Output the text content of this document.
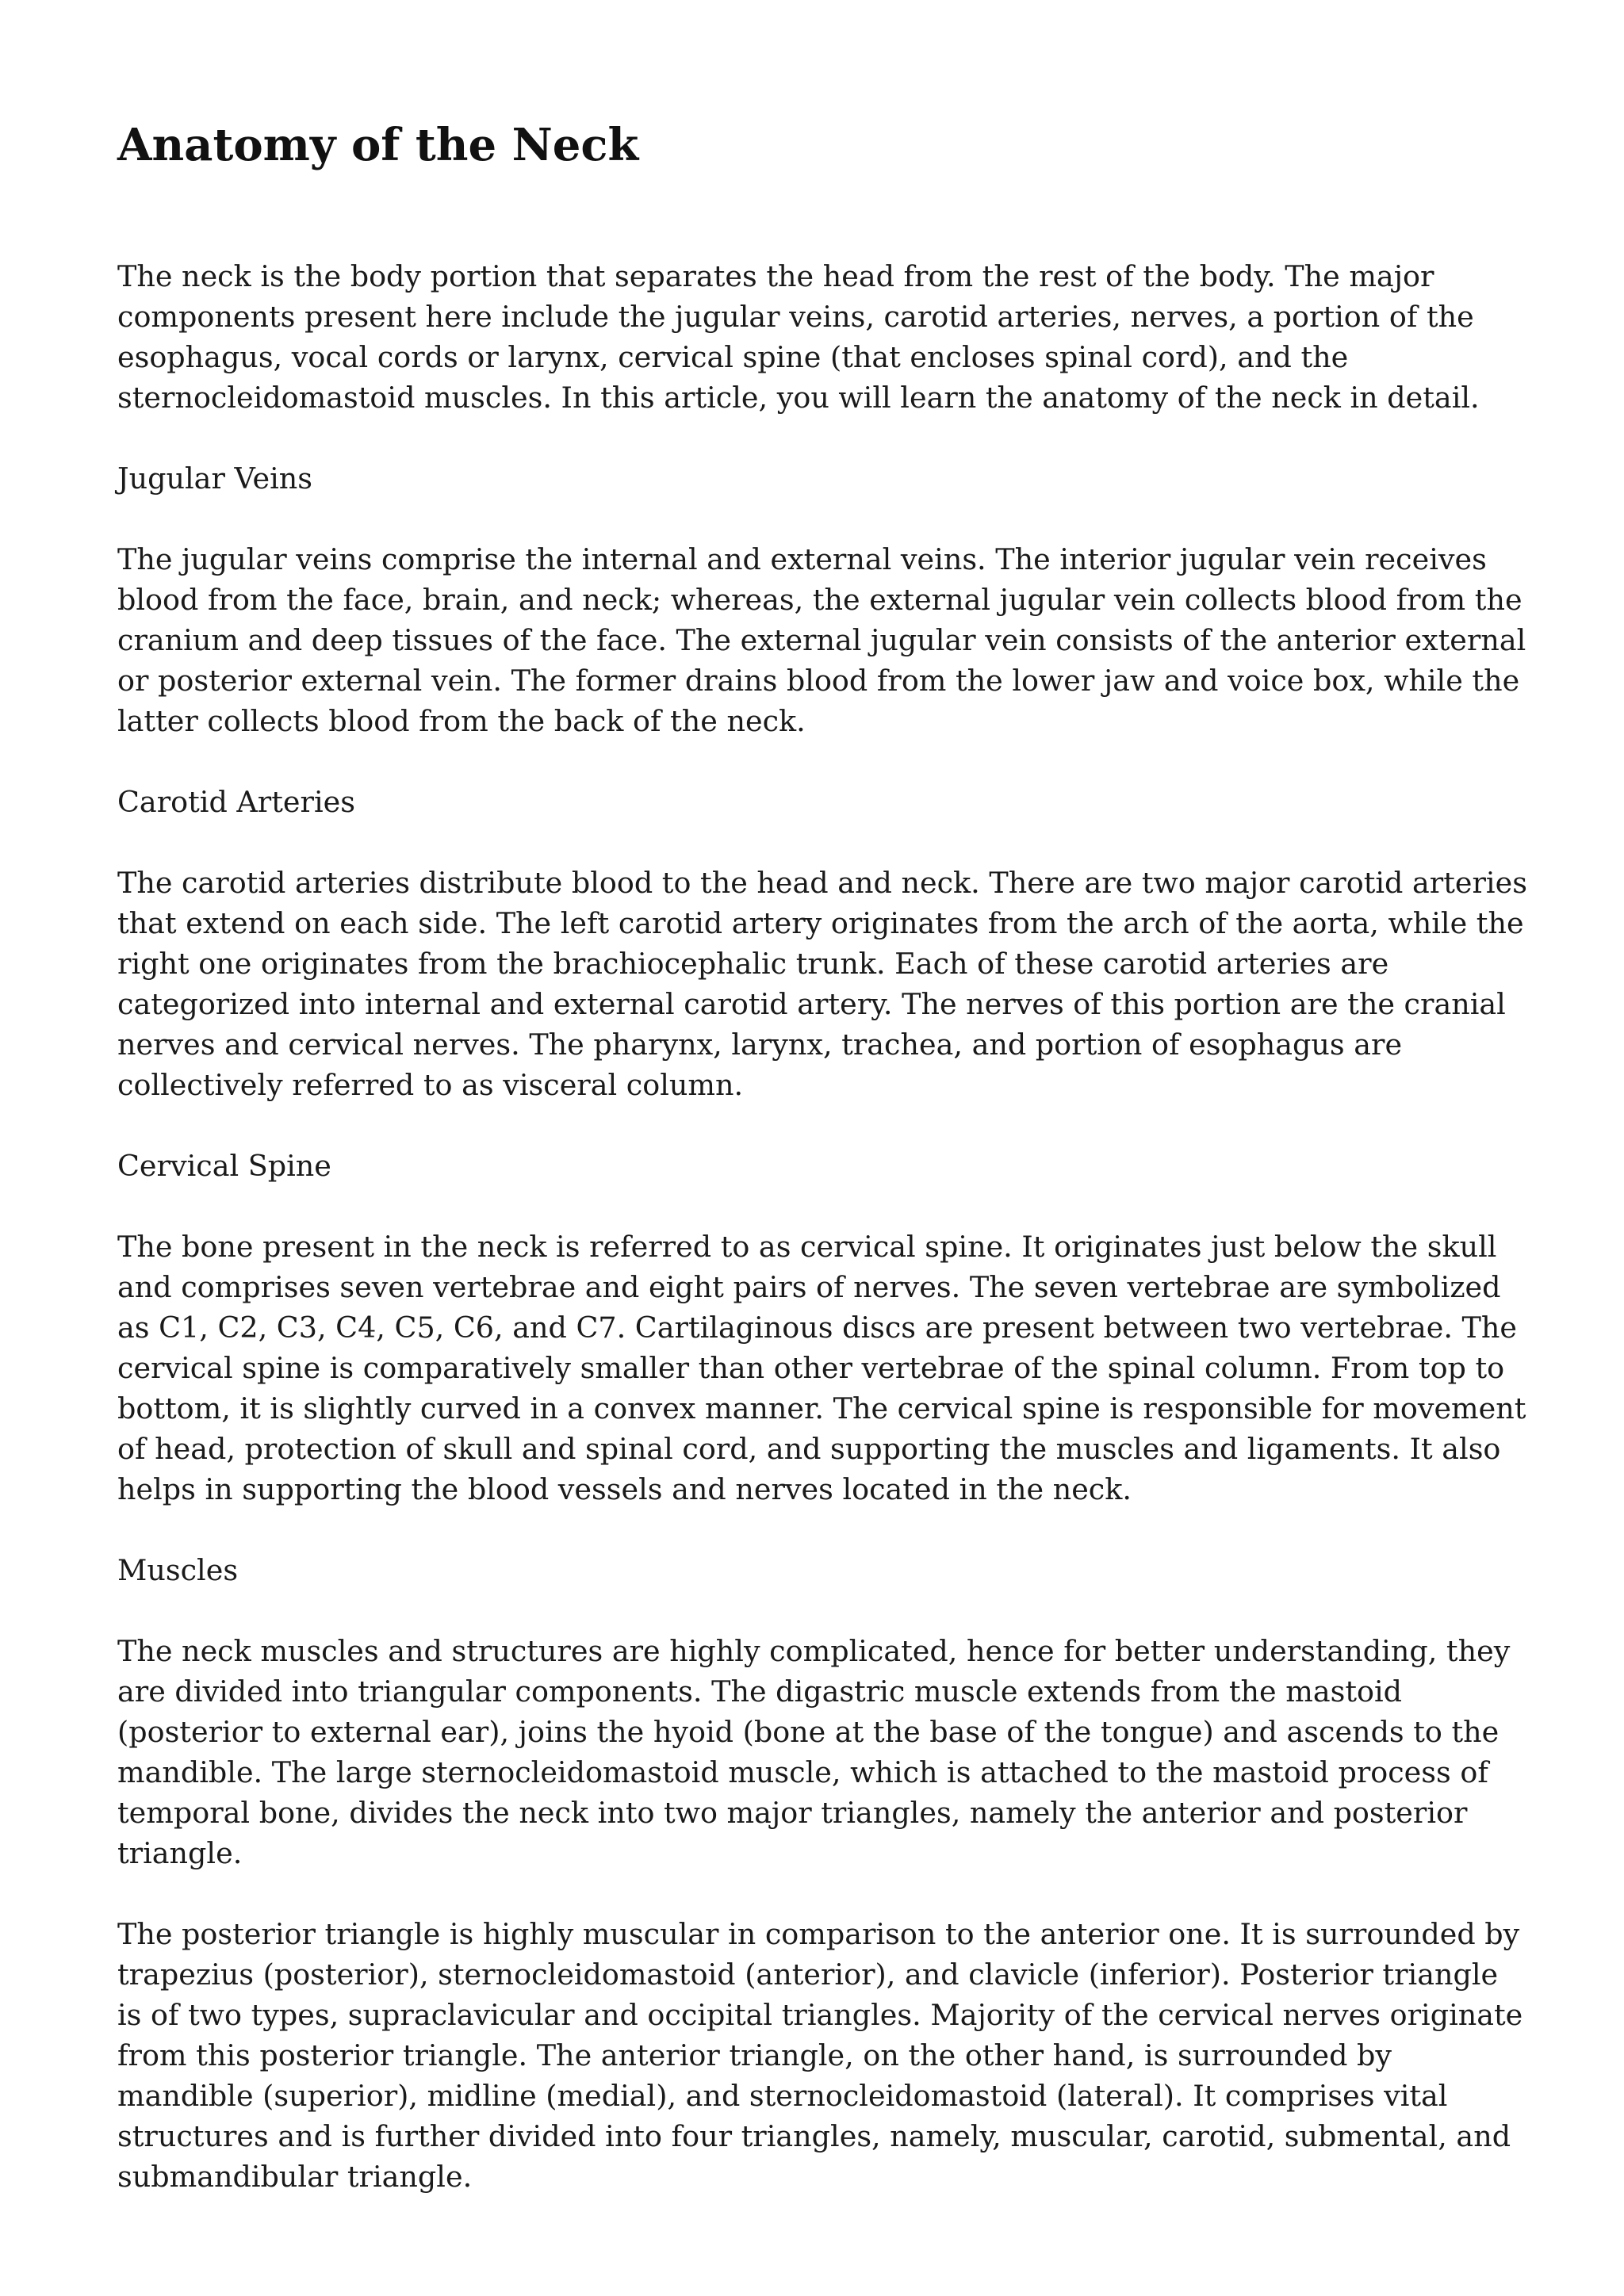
Anatomy of the Neck

The neck is the body portion that separates the head from the rest of the body. The major components present here include the jugular veins, carotid arteries, nerves, a portion of the esophagus, vocal cords or larynx, cervical spine (that encloses spinal cord), and the sternocleidomastoid muscles. In this article, you will learn the anatomy of the neck in detail.

Jugular Veins

The jugular veins comprise the internal and external veins. The interior jugular vein receives blood from the face, brain, and neck; whereas, the external jugular vein collects blood from the cranium and deep tissues of the face. The external jugular vein consists of the anterior external or posterior external vein. The former drains blood from the lower jaw and voice box, while the latter collects blood from the back of the neck.

Carotid Arteries

The carotid arteries distribute blood to the head and neck. There are two major carotid arteries that extend on each side. The left carotid artery originates from the arch of the aorta, while the right one originates from the brachiocephalic trunk. Each of these carotid arteries are categorized into internal and external carotid artery. The nerves of this portion are the cranial nerves and cervical nerves. The pharynx, larynx, trachea, and portion of esophagus are collectively referred to as visceral column.

Cervical Spine

The bone present in the neck is referred to as cervical spine. It originates just below the skull and comprises seven vertebrae and eight pairs of nerves. The seven vertebrae are symbolized as C1, C2, C3, C4, C5, C6, and C7. Cartilaginous discs are present between two vertebrae. The cervical spine is comparatively smaller than other vertebrae of the spinal column. From top to bottom, it is slightly curved in a convex manner. The cervical spine is responsible for movement of head, protection of skull and spinal cord, and supporting the muscles and ligaments. It also helps in supporting the blood vessels and nerves located in the neck.

Muscles

The neck muscles and structures are highly complicated, hence for better understanding, they are divided into triangular components. The digastric muscle extends from the mastoid (posterior to external ear), joins the hyoid (bone at the base of the tongue) and ascends to the mandible. The large sternocleidomastoid muscle, which is attached to the mastoid process of temporal bone, divides the neck into two major triangles, namely the anterior and posterior triangle.

The posterior triangle is highly muscular in comparison to the anterior one. It is surrounded by trapezius (posterior), sternocleidomastoid (anterior), and clavicle (inferior). Posterior triangle is of two types, supraclavicular and occipital triangles. Majority of the cervical nerves originate from this posterior triangle. The anterior triangle, on the other hand, is surrounded by mandible (superior), midline (medial), and sternocleidomastoid (lateral). It comprises vital structures and is further divided into four triangles, namely, muscular, carotid, submental, and submandibular triangle.
